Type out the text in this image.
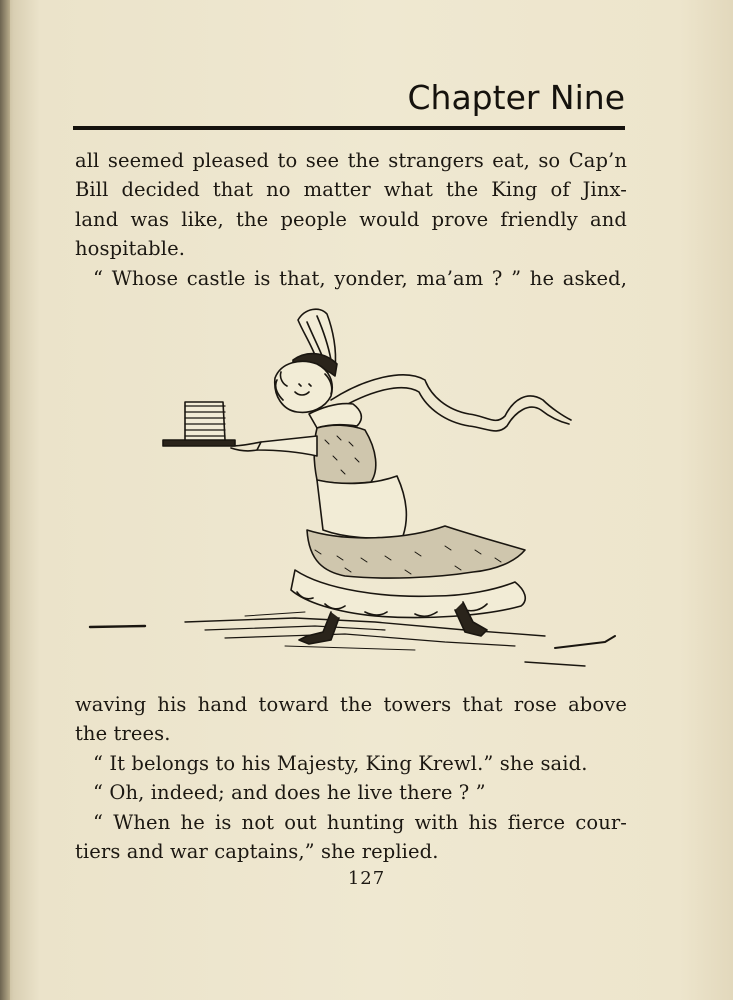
Chapter Nine
all seemed pleased to see the strangers eat, so Cap’n
Bill decided that no matter what the King of Jinx-
land was like, the people would prove friendly and
hospitable.
“ Whose castle is that, yonder, ma’am ? ” he asked,
waving his hand toward the towers that rose above
the trees.
“ It belongs to his Majesty, King Krewl.” she said.
“ Oh, indeed; and does he live there ? ”
“ When he is not out hunting with his fierce cour-
tiers and war captains,” she replied.
127
